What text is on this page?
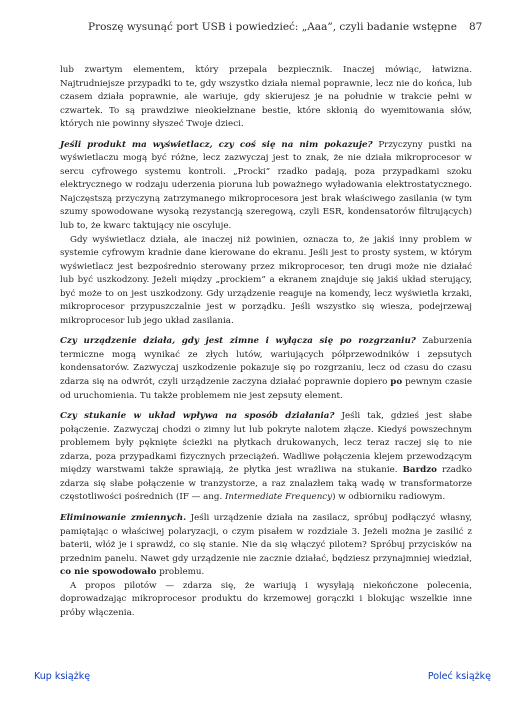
Proszę wysunąć port USB i powiedzieć: „Aaa”, czyli badanie wstępne 87

lub zwartym elementem, który przepala bezpiecznik. Inaczej mówiąc, łatwizna. Najtrudniejsze przypadki to te, gdy wszystko działa niemal poprawnie, lecz nie do końca, lub czasem działa poprawnie, ale wariuje, gdy skierujesz je na południe w trakcie pełni w czwartek. To są prawdziwe nieokiełznane bestie, które skłonią do wyemitowania słów, których nie powinny słyszeć Twoje dzieci.

Jeśli produkt ma wyświetlacz, czy coś się na nim pokazuje? Przyczyny pustki na wyświetlaczu mogą być różne, lecz zazwyczaj jest to znak, że nie działa mikroprocesor w sercu cyfrowego systemu kontroli. „Procki” rzadko padają, poza przypadkami szoku elektrycznego w rodzaju uderzenia pioruna lub poważnego wyładowania elektrostatycznego. Najczęstszą przyczyną zatrzymanego mikroprocesora jest brak właściwego zasilania (w tym szumy spowodowane wysoką rezystancją szeregową, czyli ESR, kondensatorów filtrujących) lub to, że kwarc taktujący nie oscyluje.

Gdy wyświetlacz działa, ale inaczej niż powinien, oznacza to, że jakiś inny problem w systemie cyfrowym kradnie dane kierowane do ekranu. Jeśli jest to prosty system, w którym wyświetlacz jest bezpośrednio sterowany przez mikroprocesor, ten drugi może nie działać lub być uszkodzony. Jeżeli między „prockiem” a ekranem znajduje się jakiś układ sterujący, być może to on jest uszkodzony. Gdy urządzenie reaguje na komendy, lecz wyświetla krzaki, mikroprocesor przypuszczalnie jest w porządku. Jeśli wszystko się wiesza, podejrzewaj mikroprocesor lub jego układ zasilania.

Czy urządzenie działa, gdy jest zimne i wyłącza się po rozgrzaniu? Zaburzenia termiczne mogą wynikać ze złych lutów, wariujących półprzewodników i zepsutych kondensatorów. Zazwyczaj uszkodzenie pokazuje się po rozgrzaniu, lecz od czasu do czasu zdarza się na odwrót, czyli urządzenie zaczyna działać poprawnie dopiero po pewnym czasie od uruchomienia. Tu także problemem nie jest zepsuty element.

Czy stukanie w układ wpływa na sposób działania? Jeśli tak, gdzieś jest słabe połączenie. Zazwyczaj chodzi o zimny lut lub pokryte nalotem złącze. Kiedyś powszechnym problemem były pęknięte ścieżki na płytkach drukowanych, lecz teraz raczej się to nie zdarza, poza przypadkami fizycznych przeciążeń. Wadliwe połączenia klejem przewodzącym między warstwami także sprawiają, że płytka jest wrażliwa na stukanie. Bardzo rzadko zdarza się słabe połączenie w tranzystorze, a raz znalazłem taką wadę w transformatorze częstotliwości pośrednich (IF — ang. Intermediate Frequency) w odbiorniku radiowym.

Eliminowanie zmiennych. Jeśli urządzenie działa na zasilacz, spróbuj podłączyć własny, pamiętając o właściwej polaryzacji, o czym pisałem w rozdziale 3. Jeżeli można je zasilić z baterii, włóż je i sprawdź, co się stanie. Nie da się włączyć pilotem? Spróbuj przycisków na przednim panelu. Nawet gdy urządzenie nie zacznie działać, będziesz przynajmniej wiedział, co nie spowodowało problemu.

A propos pilotów — zdarza się, że wariują i wysyłają niekończone polecenia, doprowadzając mikroprocesor produktu do krzemowej gorączki i blokując wszelkie inne próby włączenia.

Kup książkę	Poleć książkę
